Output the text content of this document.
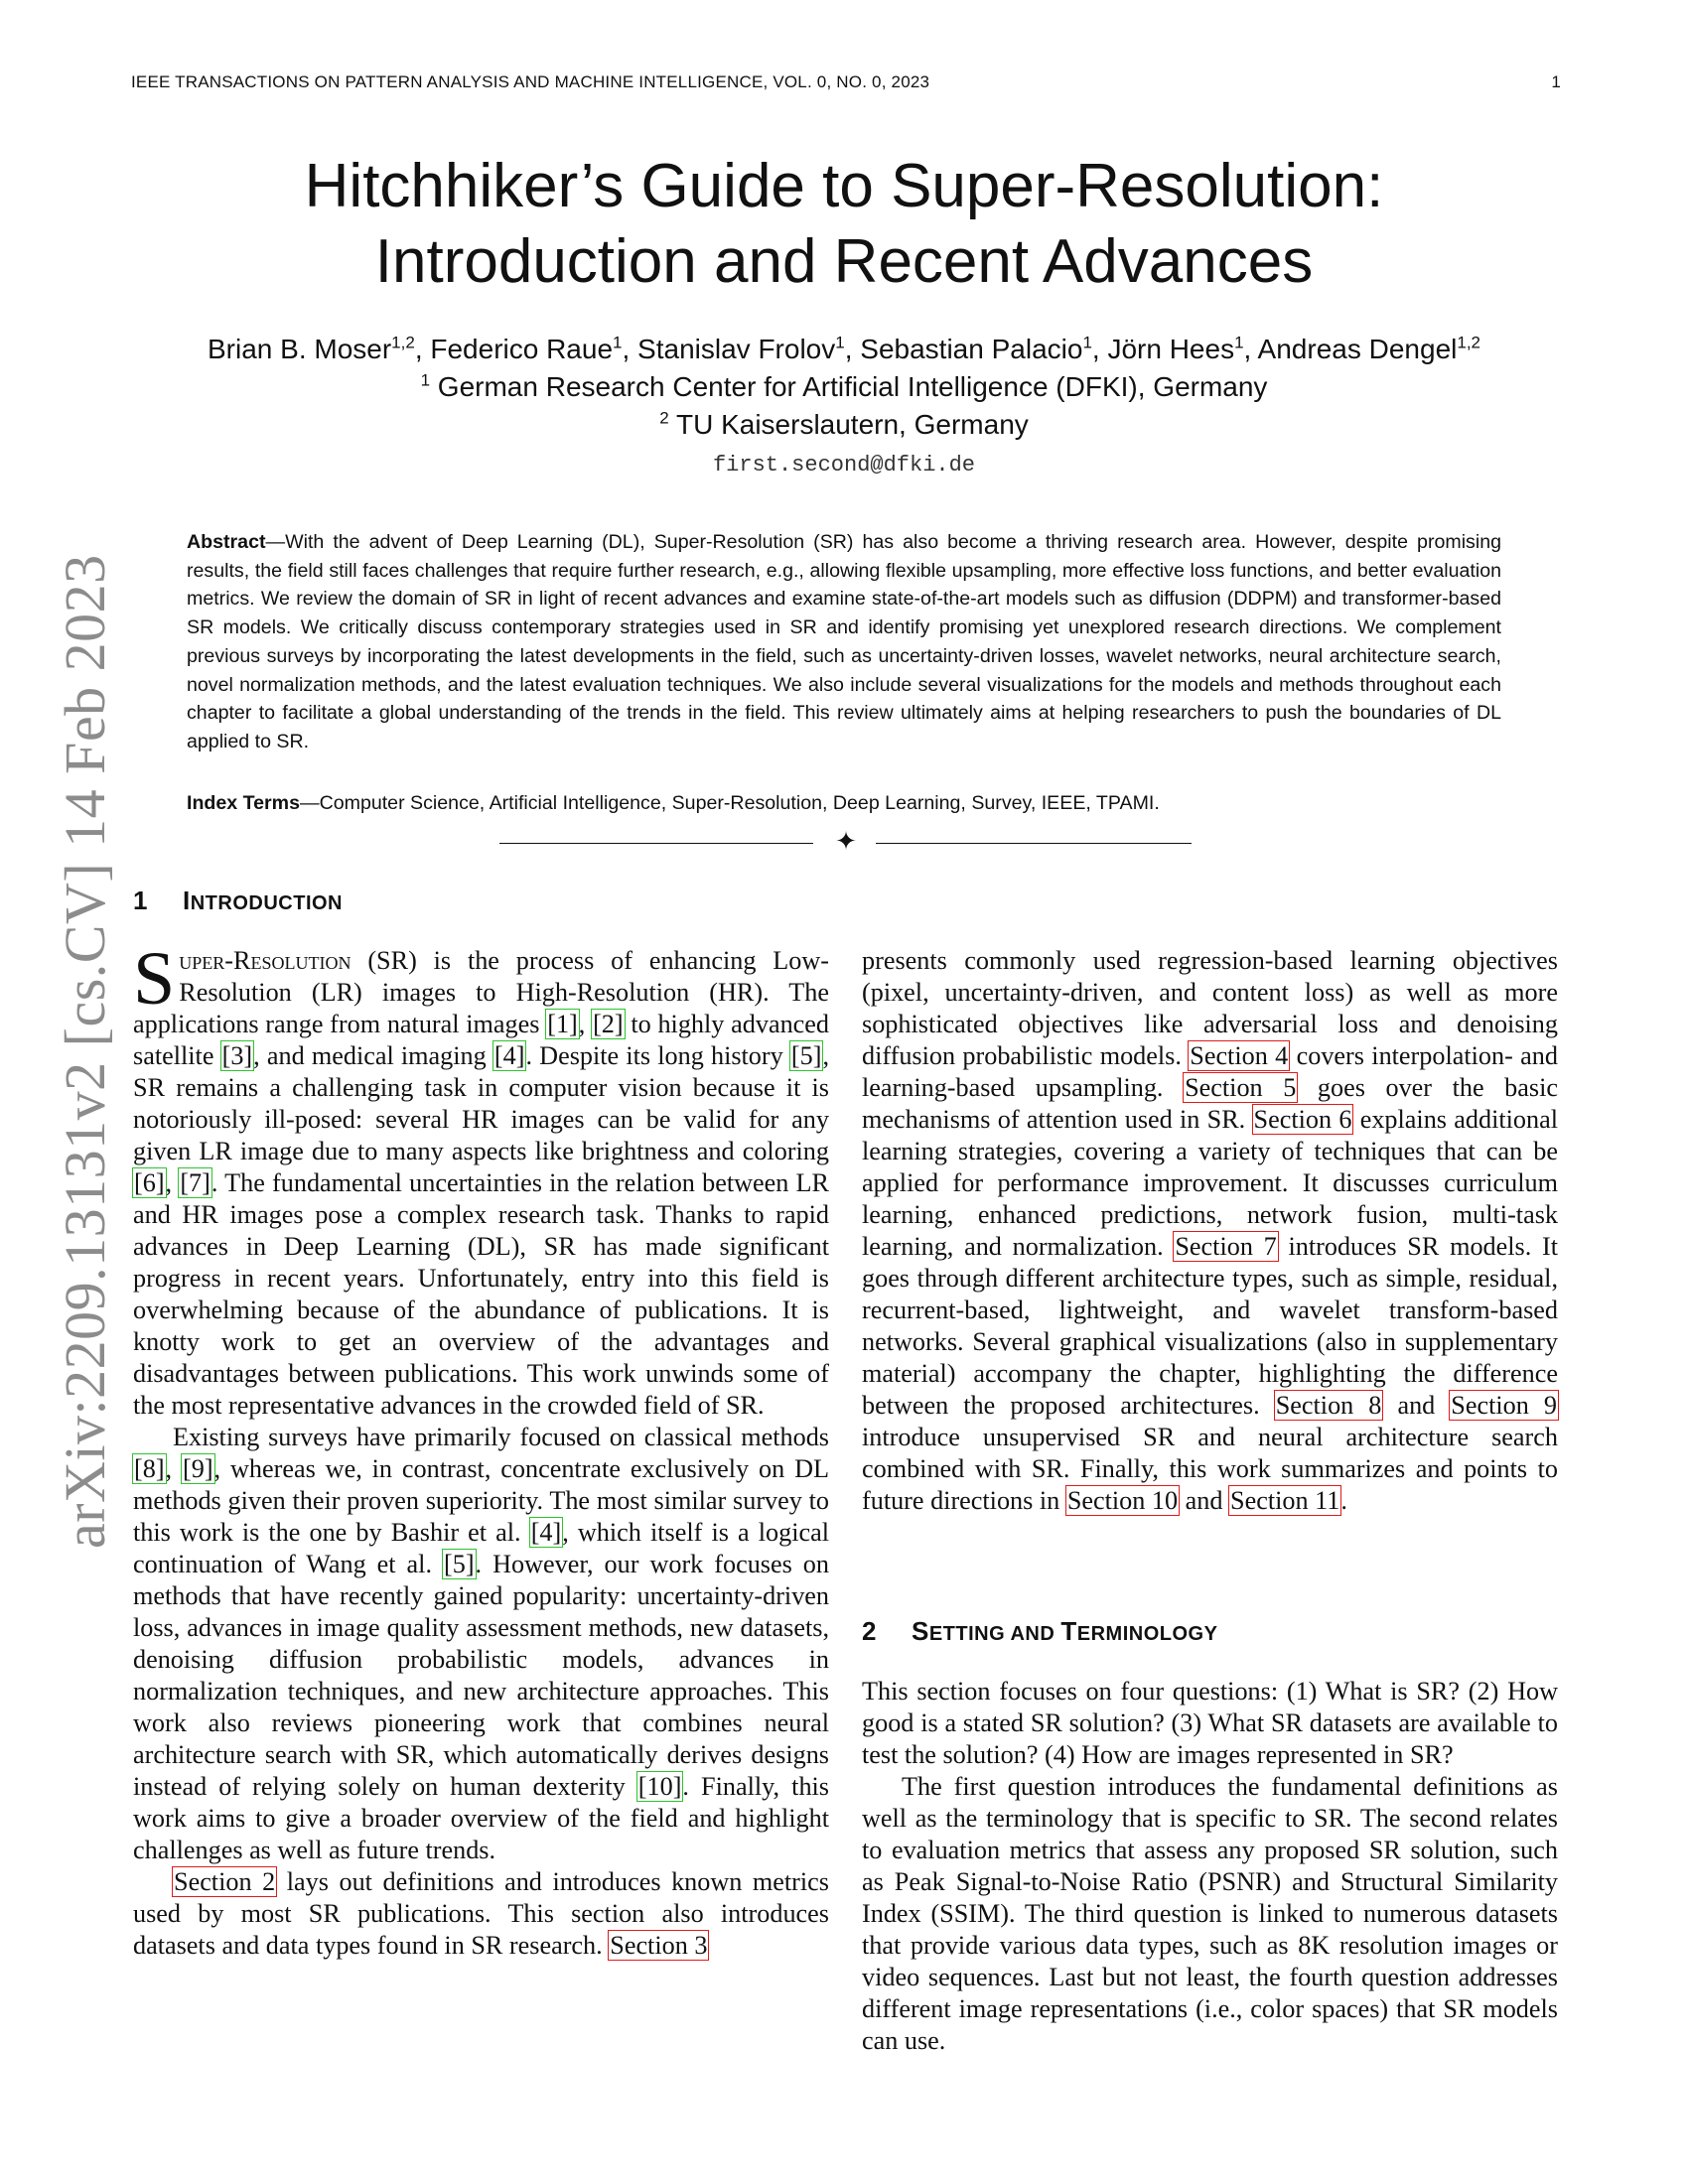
IEEE TRANSACTIONS ON PATTERN ANALYSIS AND MACHINE INTELLIGENCE, VOL. 0, NO. 0, 2023	1
arXiv:2209.13131v2 [cs.CV] 14 Feb 2023
Hitchhiker’s Guide to Super-Resolution:
Introduction and Recent Advances
Brian B. Moser$^{1,2}$, Federico Raue$^1$, Stanislav Frolov$^1$, Sebastian Palacio$^1$, Jörn Hees$^1$, Andreas Dengel$^{1,2}$
$^1$ German Research Center for Artificial Intelligence (DFKI), Germany
$^2$ TU Kaiserslautern, Germany
first.second@dfki.de
Abstract—With the advent of Deep Learning (DL), Super-Resolution (SR) has also become a thriving research area. However, despite promising results, the field still faces challenges that require further research, e.g., allowing flexible upsampling, more effective loss functions, and better evaluation metrics. We review the domain of SR in light of recent advances and examine state-of-the-art models such as diffusion (DDPM) and transformer-based SR models. We critically discuss contemporary strategies used in SR and identify promising yet unexplored research directions. We complement previous surveys by incorporating the latest developments in the field, such as uncertainty-driven losses, wavelet networks, neural architecture search, novel normalization methods, and the latest evaluation techniques. We also include several visualizations for the models and methods throughout each chapter to facilitate a global understanding of the trends in the field. This review ultimately aims at helping researchers to push the boundaries of DL applied to SR.
Index Terms—Computer Science, Artificial Intelligence, Super-Resolution, Deep Learning, Survey, IEEE, TPAMI.
✦
1 INTRODUCTION

Super-Resolution (SR) is the process of enhancing Low-Resolution (LR) images to High-Resolution (HR). The applications range from natural images [1], [2] to highly advanced satellite [3], and medical imaging [4]. Despite its long history [5], SR remains a challenging task in computer vision because it is notoriously ill-posed: several HR images can be valid for any given LR image due to many aspects like brightness and coloring [6], [7]. The fundamental uncertainties in the relation between LR and HR images pose a complex research task. Thanks to rapid advances in Deep Learning (DL), SR has made significant progress in recent years. Unfortunately, entry into this field is overwhelming because of the abundance of publications. It is knotty work to get an overview of the advantages and disadvantages between publications. This work unwinds some of the most representative advances in the crowded field of SR.

Existing surveys have primarily focused on classical methods [8], [9], whereas we, in contrast, concentrate exclusively on DL methods given their proven superiority. The most similar survey to this work is the one by Bashir et al. [4], which itself is a logical continuation of Wang et al. [5]. However, our work focuses on methods that have recently gained popularity: uncertainty-driven loss, advances in image quality assessment methods, new datasets, denoising diffusion probabilistic models, advances in normalization techniques, and new architecture approaches. This work also reviews pioneering work that combines neural architecture search with SR, which automatically derives designs instead of relying solely on human dexterity [10]. Finally, this work aims to give a broader overview of the field and highlight challenges as well as future trends.

Section 2 lays out definitions and introduces known metrics used by most SR publications. This section also introduces datasets and data types found in SR research. Section 3

2 SETTING AND TERMINOLOGY

This section focuses on four questions: (1) What is SR? (2) How good is a stated SR solution? (3) What SR datasets are available to test the solution? (4) How are images represented in SR?

The first question introduces the fundamental definitions as well as the terminology that is specific to SR. The second relates to evaluation metrics that assess any proposed SR solution, such as Peak Signal-to-Noise Ratio (PSNR) and Structural Similarity Index (SSIM). The third question is linked to numerous datasets that provide various data types, such as 8K resolution images or video sequences. Last but not least, the fourth question addresses different image representations (i.e., color spaces) that SR models can use.

presents commonly used regression-based learning objectives (pixel, uncertainty-driven, and content loss) as well as more sophisticated objectives like adversarial loss and denoising diffusion probabilistic models. Section 4 covers interpolation- and learning-based upsampling. Section 5 goes over the basic mechanisms of attention used in SR. Section 6 explains additional learning strategies, covering a variety of techniques that can be applied for performance improvement. It discusses curriculum learning, enhanced predictions, network fusion, multi-task learning, and normalization. Section 7 introduces SR models. It goes through different architecture types, such as simple, residual, recurrent-based, lightweight, and wavelet transform-based networks. Several graphical visualizations (also in supplementary material) accompany the chapter, highlighting the difference between the proposed architectures. Section 8 and Section 9 introduce unsupervised SR and neural architecture search combined with SR. Finally, this work summarizes and points to future directions in Section 10 and Section 11.
